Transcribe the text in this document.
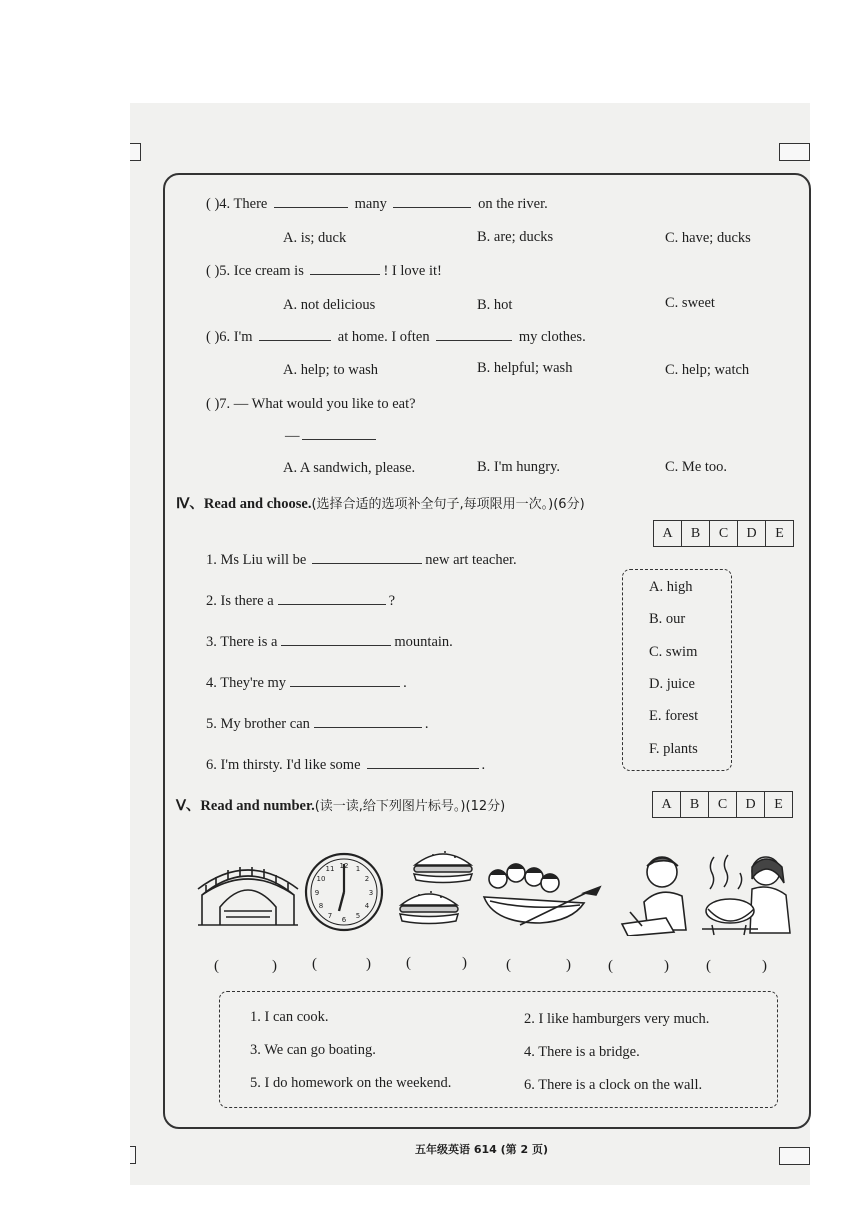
( )4. There	many	on the river.
A. is; duck	B. are; ducks	C. have; ducks
( )5. Ice cream is	! I love it!
A. not delicious	B. hot	C. sweet
( )6. I'm	at home. I often	my clothes.
A. help; to wash	B. helpful; wash	C. help; watch
( )7. — What would you like to eat?
—
A. A sandwich, please.	B. I'm hungry.	C. Me too.
Ⅳ、Read and choose.(选择合适的选项补全句子,每项限用一次。)(6分)
A	B	C	D	E
1. Ms Liu will be	new art teacher.
2. Is there a	?
3. There is a	mountain.
4. They're my	.
5. My brother can	.
6. I'm thirsty. I'd like some	.
A. high
B. our
C. swim
D. juice
E. forest
F. plants
Ⅴ、Read and number.(读一读,给下列图片标号。)(12分)	A	B	C	D	E
12 1
2
3
4
5
6
7
8
9
10
11
(	) (	) (	)	(	) (	) (	)
1. I can cook.	2. I like hamburgers very much.
3. We can go boating.	4. There is a bridge.
5. I do homework on the weekend.	6. There is a clock on the wall.
五年级英语 614 (第 2 页)
